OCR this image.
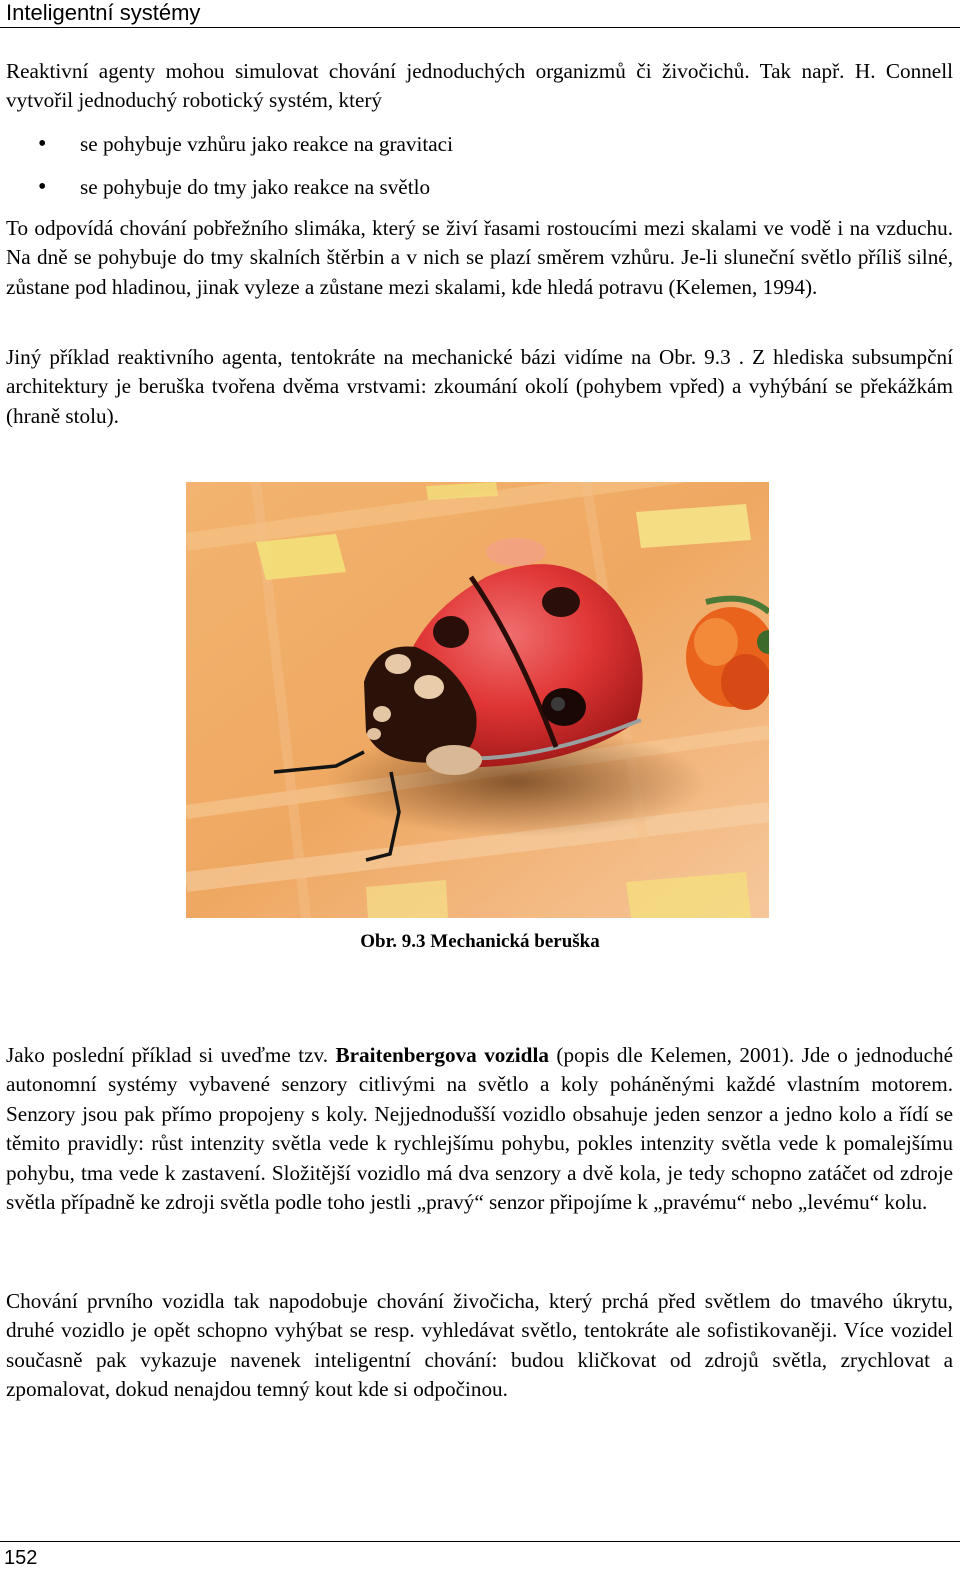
Inteligentní systémy

Reaktivní agenty mohou simulovat chování jednoduchých organizmů či živočichů. Tak např. H. Connell vytvořil jednoduchý robotický systém, který

• se pohybuje vzhůru jako reakce na gravitaci
• se pohybuje do tmy jako reakce na světlo

To odpovídá chování pobřežního slimáka, který se živí řasami rostoucími mezi skalami ve vodě i na vzduchu. Na dně se pohybuje do tmy skalních štěrbin a v nich se plazí směrem vzhůru. Je-li sluneční světlo příliš silné, zůstane pod hladinou, jinak vyleze a zůstane mezi skalami, kde hledá potravu (Kelemen, 1994).

Jiný příklad reaktivního agenta, tentokráte na mechanické bázi vidíme na Obr. 9.3 . Z hlediska subsumpční architektury je beruška tvořena dvěma vrstvami: zkoumání okolí (pohybem vpřed) a vyhýbání se překážkám (hraně stolu).

Obr. 9.3 Mechanická beruška

Jako poslední příklad si uveďme tzv. Braitenbergova vozidla (popis dle Kelemen, 2001). Jde o jednoduché autonomní systémy vybavené senzory citlivými na světlo a koly poháněnými každé vlastním motorem. Senzory jsou pak přímo propojeny s koly. Nejjednodušší vozidlo obsahuje jeden senzor a jedno kolo a řídí se těmito pravidly: růst intenzity světla vede k rychlejšímu pohybu, pokles intenzity světla vede k pomalejšímu pohybu, tma vede k zastavení. Složitější vozidlo má dva senzory a dvě kola, je tedy schopno zatáčet od zdroje světla případně ke zdroji světla podle toho jestli „pravý“ senzor připojíme k „pravému“ nebo „levému“ kolu.

Chování prvního vozidla tak napodobuje chování živočicha, který prchá před světlem do tmavého úkrytu, druhé vozidlo je opět schopno vyhýbat se resp. vyhledávat světlo, tentokráte ale sofistikovaněji. Více vozidel současně pak vykazuje navenek inteligentní chování: budou kličkovat od zdrojů světla, zrychlovat a zpomalovat, dokud nenajdou temný kout kde si odpočinou.

152
